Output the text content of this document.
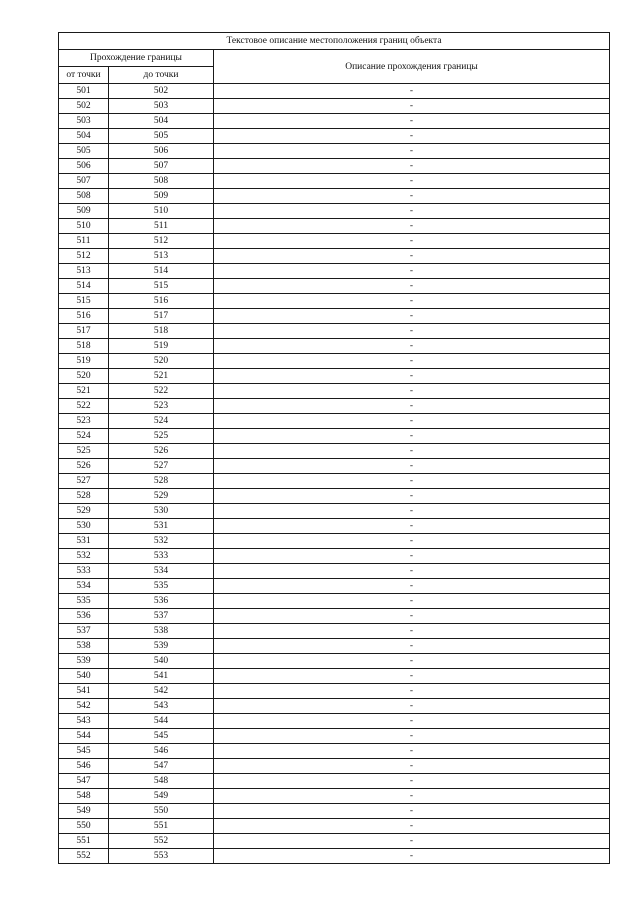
Текстовое описание местоположения границ объекта		
Прохождение границы		Описание прохождения границы
от точки	до точки	
501	502	-
502	503	-
503	504	-
504	505	-
505	506	-
506	507	-
507	508	-
508	509	-
509	510	-
510	511	-
511	512	-
512	513	-
513	514	-
514	515	-
515	516	-
516	517	-
517	518	-
518	519	-
519	520	-
520	521	-
521	522	-
522	523	-
523	524	-
524	525	-
525	526	-
526	527	-
527	528	-
528	529	-
529	530	-
530	531	-
531	532	-
532	533	-
533	534	-
534	535	-
535	536	-
536	537	-
537	538	-
538	539	-
539	540	-
540	541	-
541	542	-
542	543	-
543	544	-
544	545	-
545	546	-
546	547	-
547	548	-
548	549	-
549	550	-
550	551	-
551	552	-
552	553	-
